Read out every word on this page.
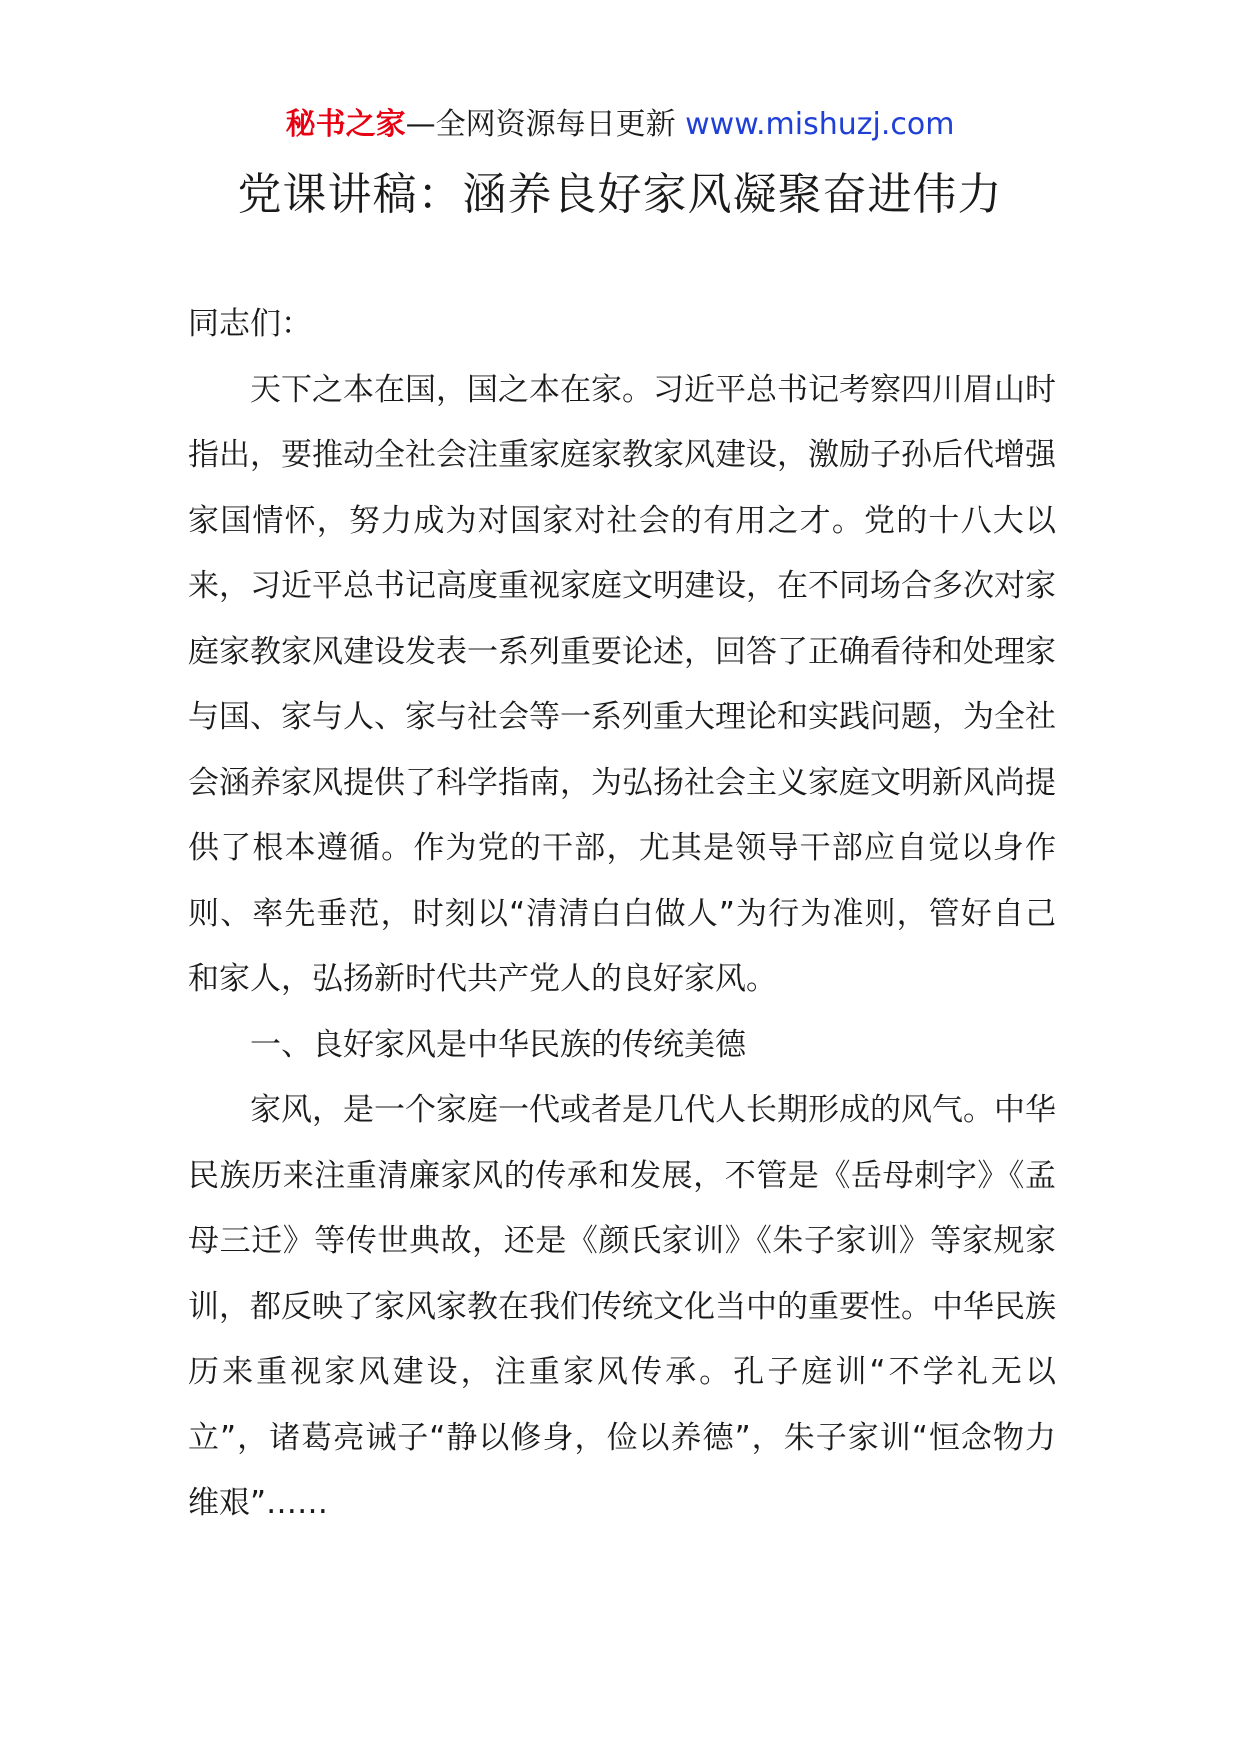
秘书之家—全网资源每日更新 www.mishuzj.com
党课讲稿：涵养良好家风凝聚奋进伟力

同志们：

天下之本在国，国之本在家。习近平总书记考察四川眉山时指出，要推动全社会注重家庭家教家风建设，激励子孙后代增强家国情怀，努力成为对国家对社会的有用之才。党的十八大以来，习近平总书记高度重视家庭文明建设，在不同场合多次对家庭家教家风建设发表一系列重要论述，回答了正确看待和处理家与国、家与人、家与社会等一系列重大理论和实践问题，为全社会涵养家风提供了科学指南，为弘扬社会主义家庭文明新风尚提供了根本遵循。作为党的干部，尤其是领导干部应自觉以身作则、率先垂范，时刻以“清清白白做人”为行为准则，管好自己和家人，弘扬新时代共产党人的良好家风。

一、良好家风是中华民族的传统美德

家风，是一个家庭一代或者是几代人长期形成的风气。中华民族历来注重清廉家风的传承和发展，不管是《岳母刺字》《孟母三迁》等传世典故，还是《颜氏家训》《朱子家训》等家规家训，都反映了家风家教在我们传统文化当中的重要性。中华民族历来重视家风建设，注重家风传承。孔子庭训“不学礼无以立”，诸葛亮诫子“静以修身，俭以养德”，朱子家训“恒念物力维艰”……
